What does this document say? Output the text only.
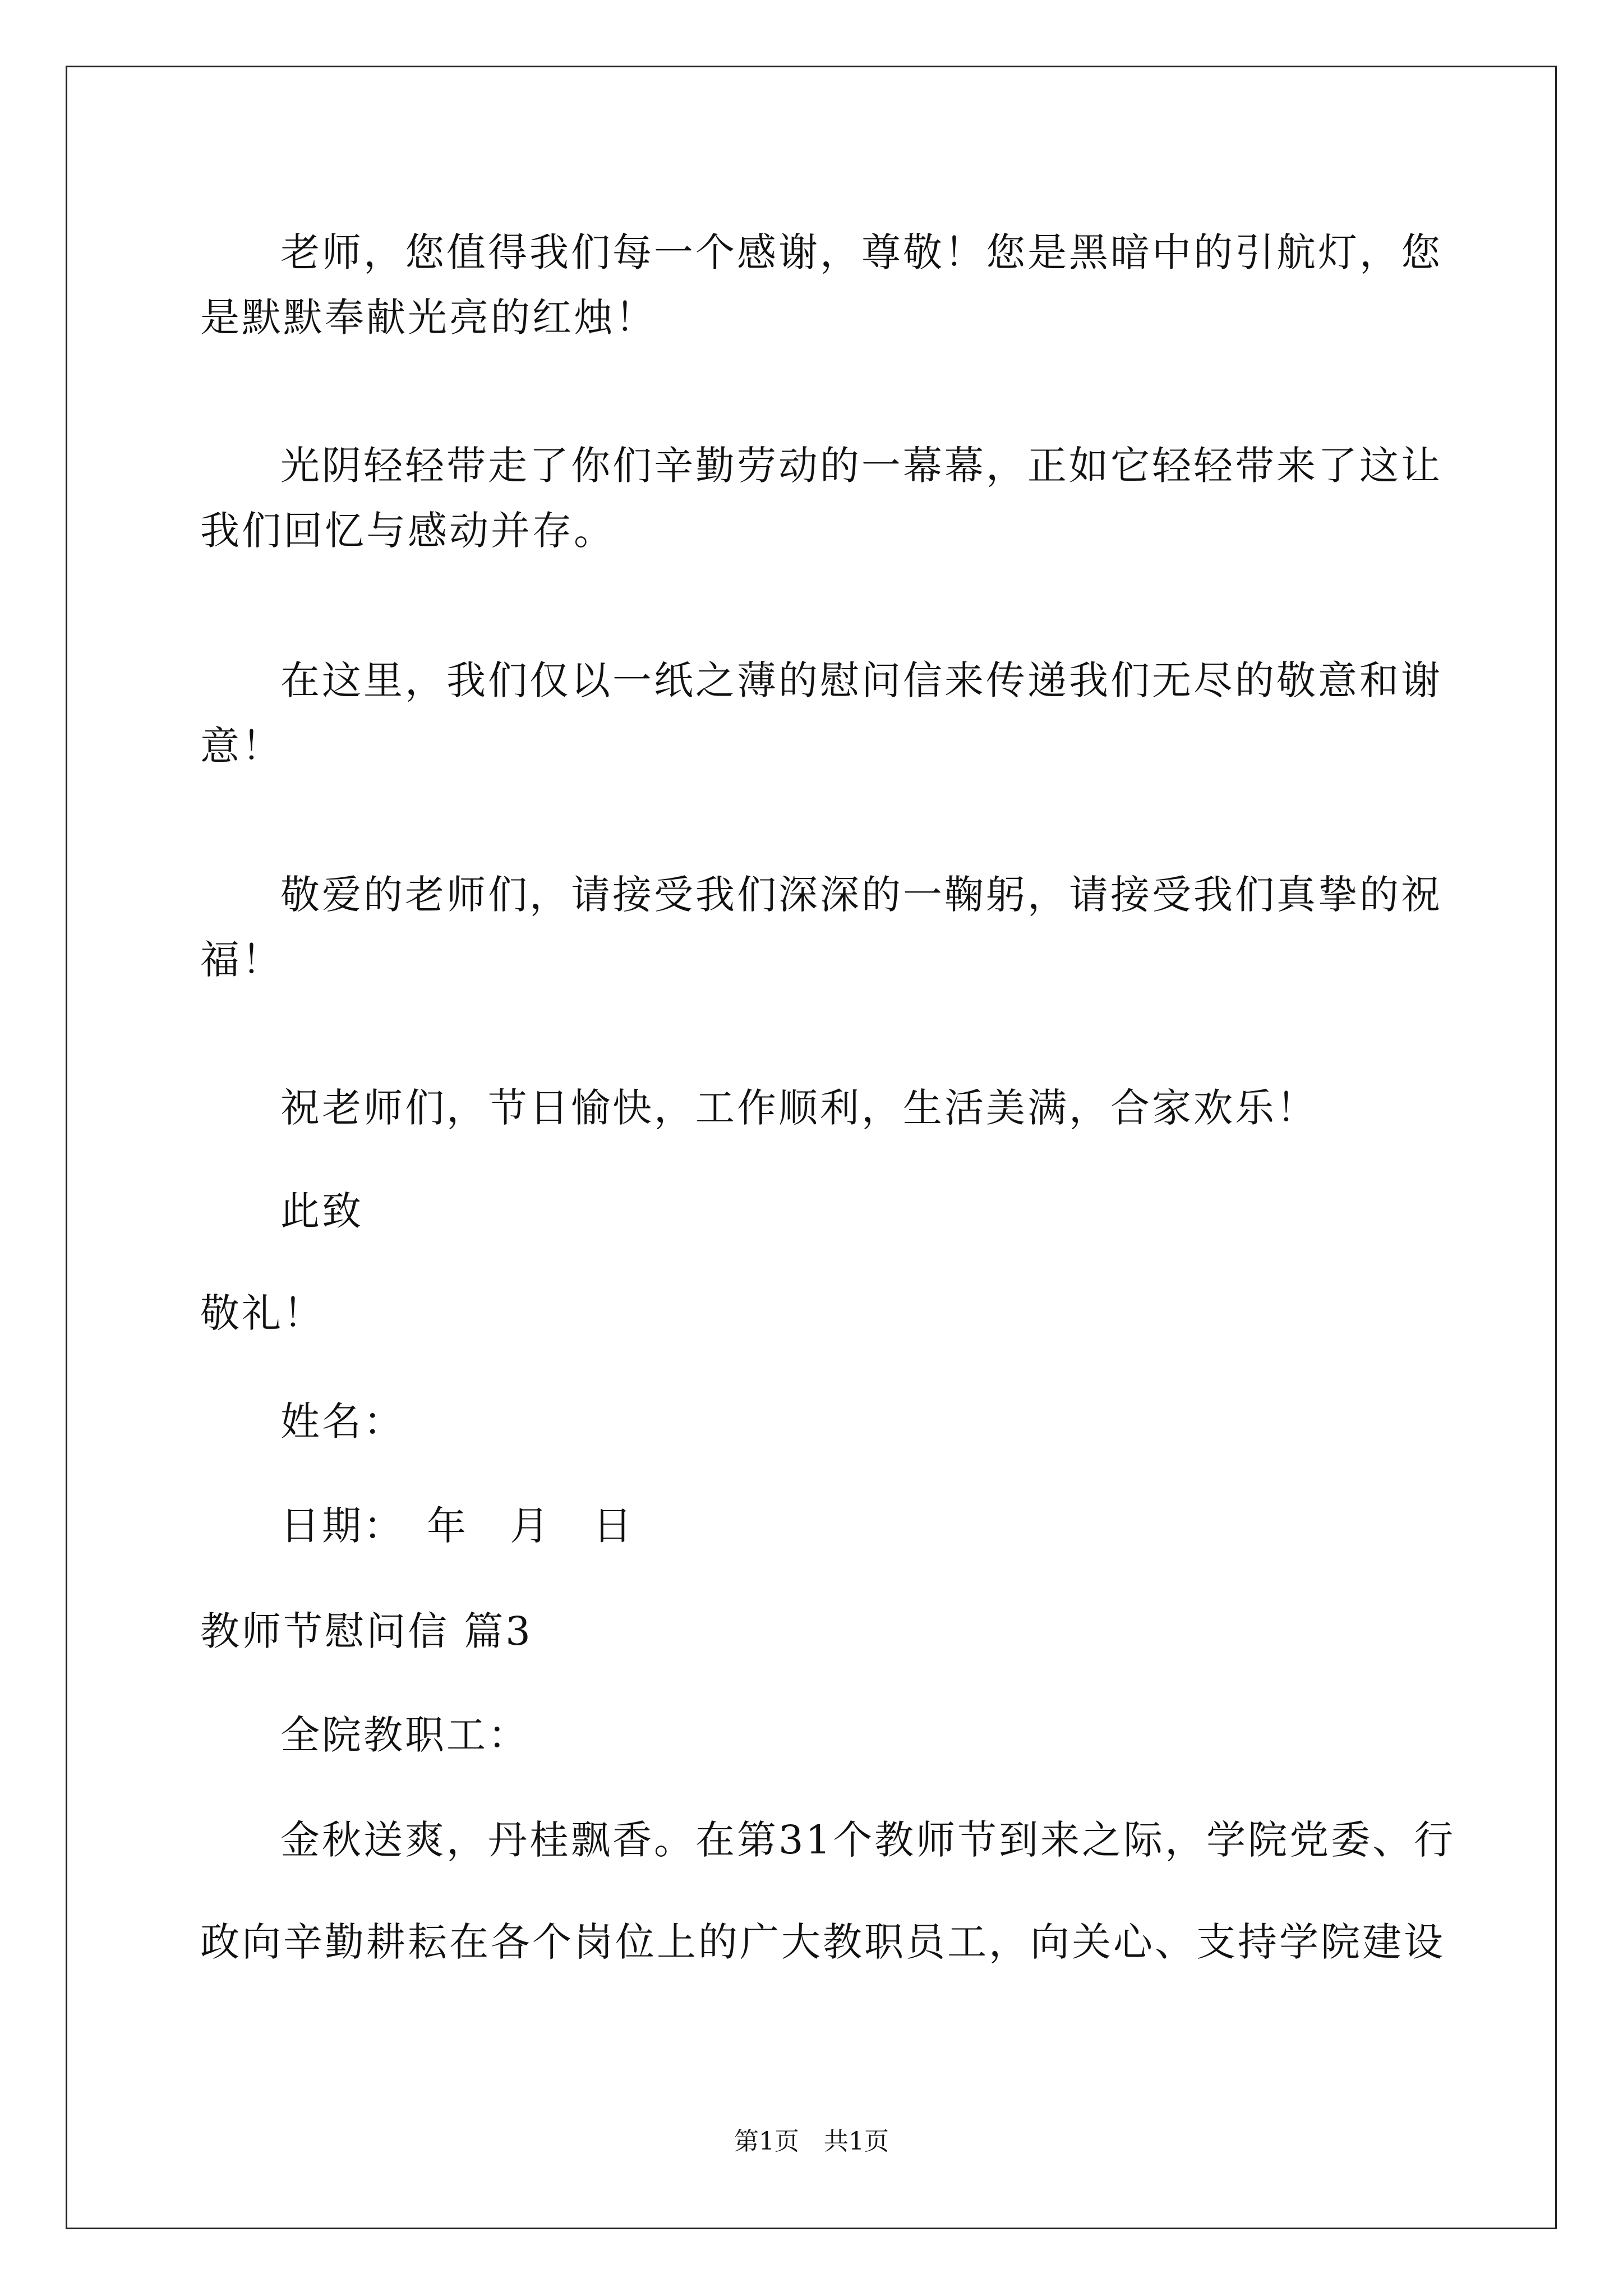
老师，您值得我们每一个感谢，尊敬！您是黑暗中的引航灯，您
是默默奉献光亮的红烛！
光阴轻轻带走了你们辛勤劳动的一幕幕，正如它轻轻带来了这让
我们回忆与感动并存。
在这里，我们仅以一纸之薄的慰问信来传递我们无尽的敬意和谢
意！
敬爱的老师们，请接受我们深深的一鞠躬，请接受我们真挚的祝
福！
祝老师们，节日愉快，工作顺利，生活美满，合家欢乐！
此致
敬礼！
姓名：
日期：　年　月　日
教师节慰问信 篇3
全院教职工：
金秋送爽，丹桂飘香。在第31个教师节到来之际，学院党委、行
政向辛勤耕耘在各个岗位上的广大教职员工，向关心、支持学院建设
第1页　共1页
